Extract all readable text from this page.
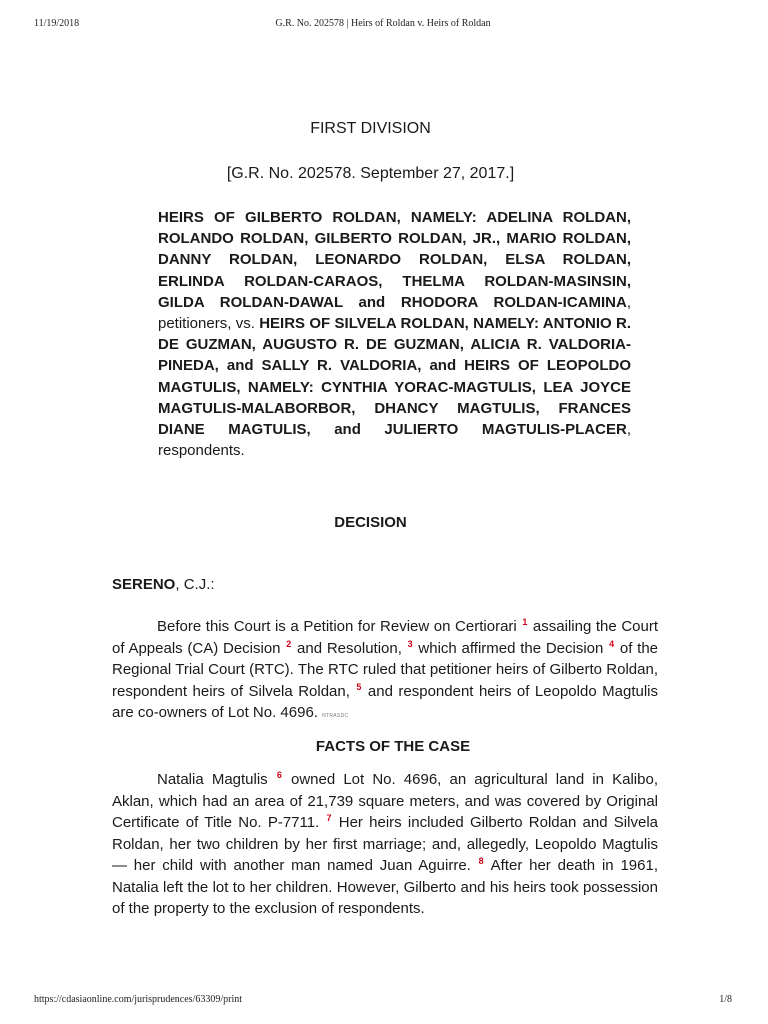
11/19/2018	G.R. No. 202578 | Heirs of Roldan v. Heirs of Roldan
FIRST DIVISION
[G.R. No. 202578. September 27, 2017.]
HEIRS OF GILBERTO ROLDAN, NAMELY: ADELINA ROLDAN, ROLANDO ROLDAN, GILBERTO ROLDAN, JR., MARIO ROLDAN, DANNY ROLDAN, LEONARDO ROLDAN, ELSA ROLDAN, ERLINDA ROLDAN-CARAOS, THELMA ROLDAN-MASINSIN, GILDA ROLDAN-DAWAL and RHODORA ROLDAN-ICAMINA, petitioners, vs. HEIRS OF SILVELA ROLDAN, NAMELY: ANTONIO R. DE GUZMAN, AUGUSTO R. DE GUZMAN, ALICIA R. VALDORIA-PINEDA, and SALLY R. VALDORIA, and HEIRS OF LEOPOLDO MAGTULIS, NAMELY: CYNTHIA YORAC-MAGTULIS, LEA JOYCE MAGTULIS-MALABORBOR, DHANCY MAGTULIS, FRANCES DIANE MAGTULIS, and JULIERTO MAGTULIS-PLACER, respondents.
DECISION
SERENO, C.J.:
Before this Court is a Petition for Review on Certiorari $^1$ assailing the Court of Appeals (CA) Decision $^2$ and Resolution, $^3$ which affirmed the Decision $^4$ of the Regional Trial Court (RTC). The RTC ruled that petitioner heirs of Gilberto Roldan, respondent heirs of Silvela Roldan, $^5$ and respondent heirs of Leopoldo Magtulis are co-owners of Lot No. 4696. NTRASDC
FACTS OF THE CASE
Natalia Magtulis $^6$ owned Lot No. 4696, an agricultural land in Kalibo, Aklan, which had an area of 21,739 square meters, and was covered by Original Certificate of Title No. P-7711. $^7$ Her heirs included Gilberto Roldan and Silvela Roldan, her two children by her first marriage; and, allegedly, Leopoldo Magtulis — her child with another man named Juan Aguirre. $^8$ After her death in 1961, Natalia left the lot to her children. However, Gilberto and his heirs took possession of the property to the exclusion of respondents.
https://cdasiaonline.com/jurisprudences/63309/print	1/8
